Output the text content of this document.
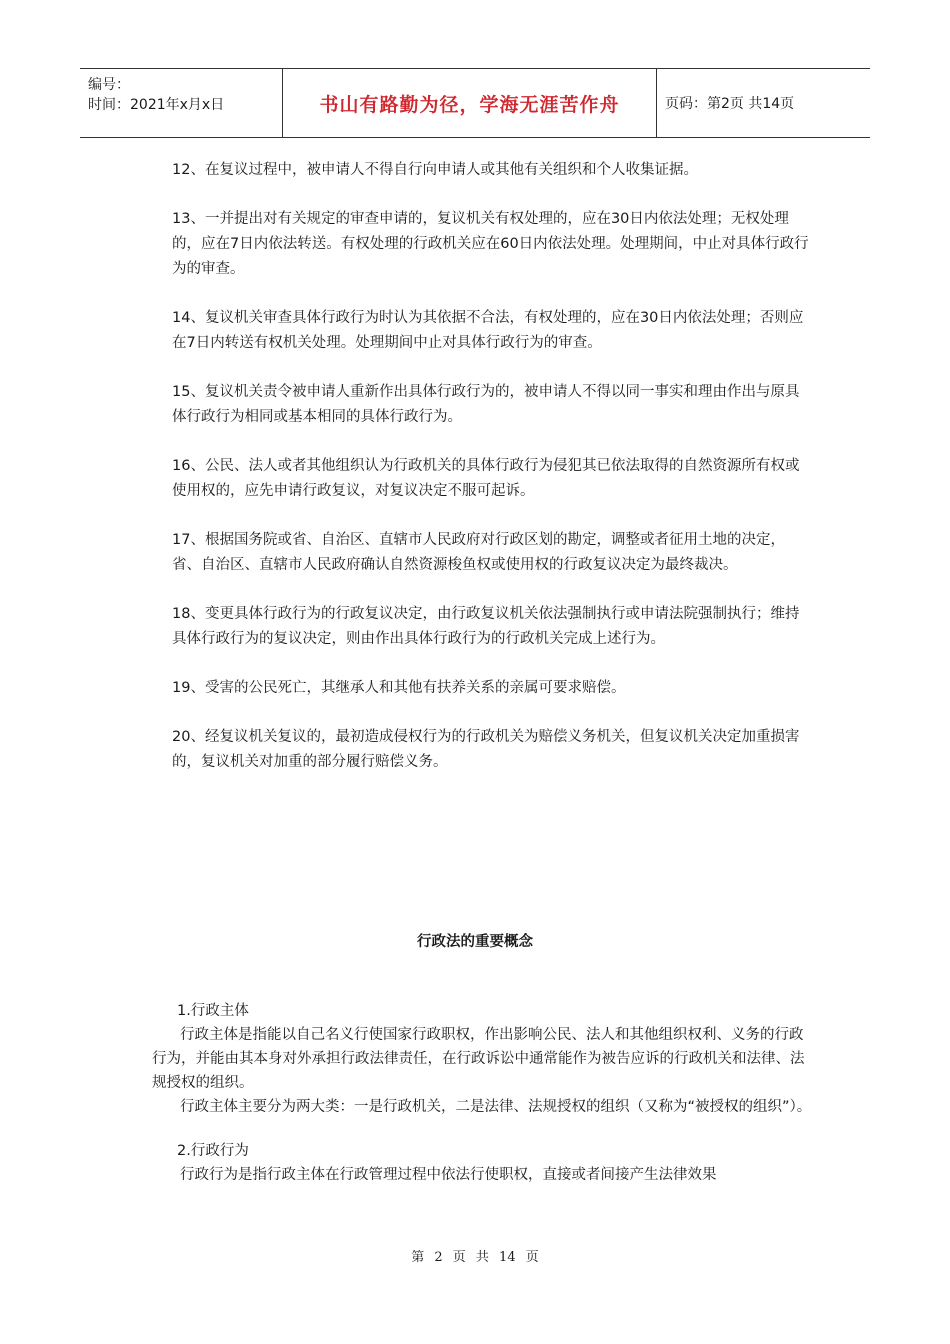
编号：
时间：2021年x月x日	书山有路勤为径，学海无涯苦作舟	页码：第2页 共14页

12、在复议过程中，被申请人不得自行向申请人或其他有关组织和个人收集证据。

13、一并提出对有关规定的审查申请的，复议机关有权处理的，应在30日内依法处理；无权处理的，应在7日内依法转送。有权处理的行政机关应在60日内依法处理。处理期间，中止对具体行政行为的审查。

14、复议机关审查具体行政行为时认为其依据不合法，有权处理的，应在30日内依法处理；否则应在7日内转送有权机关处理。处理期间中止对具体行政行为的审查。

15、复议机关责令被申请人重新作出具体行政行为的，被申请人不得以同一事实和理由作出与原具体行政行为相同或基本相同的具体行政行为。

16、公民、法人或者其他组织认为行政机关的具体行政行为侵犯其已依法取得的自然资源所有权或使用权的，应先申请行政复议，对复议决定不服可起诉。

17、根据国务院或省、自治区、直辖市人民政府对行政区划的勘定，调整或者征用土地的决定，省、自治区、直辖市人民政府确认自然资源梭鱼权或使用权的行政复议决定为最终裁决。

18、变更具体行政行为的行政复议决定，由行政复议机关依法强制执行或申请法院强制执行；维持具体行政行为的复议决定，则由作出具体行政行为的行政机关完成上述行为。

19、受害的公民死亡，其继承人和其他有扶养关系的亲属可要求赔偿。

20、经复议机关复议的，最初造成侵权行为的行政机关为赔偿义务机关，但复议机关决定加重损害的，复议机关对加重的部分履行赔偿义务。

行政法的重要概念

1.行政主体

行政主体是指能以自己名义行使国家行政职权，作出影响公民、法人和其他组织权利、义务的行政行为，并能由其本身对外承担行政法律责任，在行政诉讼中通常能作为被告应诉的行政机关和法律、法规授权的组织。

行政主体主要分为两大类：一是行政机关，二是法律、法规授权的组织（又称为“被授权的组织”）。

2.行政行为

行政行为是指行政主体在行政管理过程中依法行使职权，直接或者间接产生法律效果

第 2 页 共 14 页
